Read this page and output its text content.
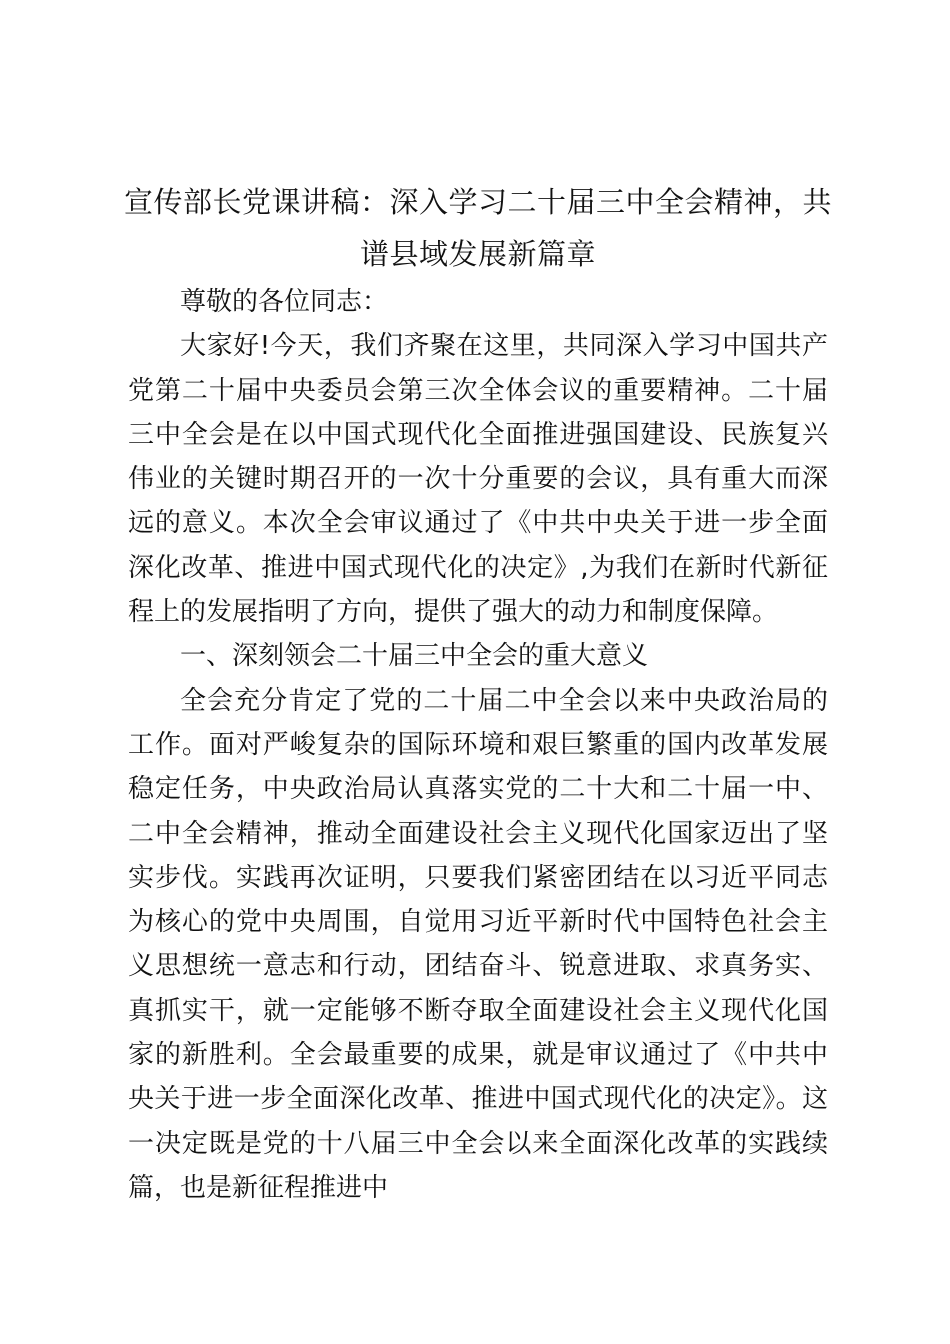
宣传部长党课讲稿：深入学习二十届三中全会精神，共谱县域发展新篇章

尊敬的各位同志：

大家好!今天，我们齐聚在这里，共同深入学习中国共产党第二十届中央委员会第三次全体会议的重要精神。二十届三中全会是在以中国式现代化全面推进强国建设、民族复兴伟业的关键时期召开的一次十分重要的会议，具有重大而深远的意义。本次全会审议通过了《中共中央关于进一步全面深化改革、推进中国式现代化的决定》,为我们在新时代新征程上的发展指明了方向，提供了强大的动力和制度保障。

一、深刻领会二十届三中全会的重大意义

全会充分肯定了党的二十届二中全会以来中央政治局的工作。面对严峻复杂的国际环境和艰巨繁重的国内改革发展稳定任务，中央政治局认真落实党的二十大和二十届一中、二中全会精神，推动全面建设社会主义现代化国家迈出了坚实步伐。实践再次证明，只要我们紧密团结在以习近平同志为核心的党中央周围，自觉用习近平新时代中国特色社会主义思想统一意志和行动，团结奋斗、锐意进取、求真务实、真抓实干，就一定能够不断夺取全面建设社会主义现代化国家的新胜利。全会最重要的成果，就是审议通过了《中共中央关于进一步全面深化改革、推进中国式现代化的决定》。这一决定既是党的十八届三中全会以来全面深化改革的实践续篇，也是新征程推进中
